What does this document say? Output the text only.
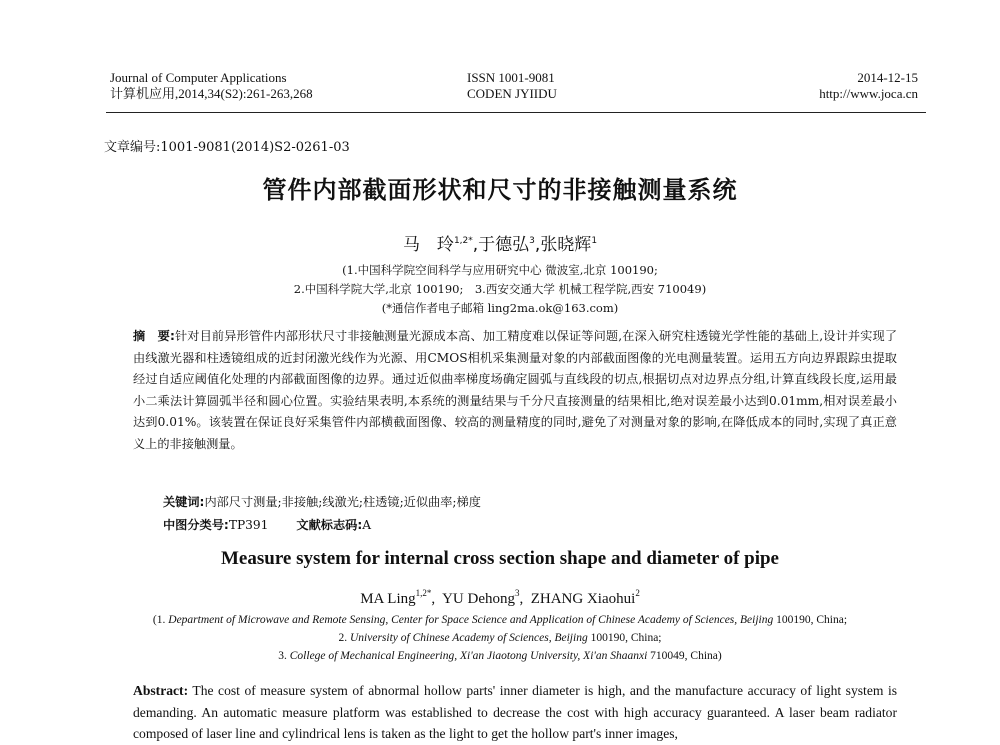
Journal of Computer Applications
计算机应用,2014,34(S2):261-263,268
ISSN 1001-9081
CODEN JYIIDU
2014-12-15
http://www.joca.cn
文章编号:1001-9081(2014)S2-0261-03
管件内部截面形状和尺寸的非接触测量系统
马　玲$^{1,2*}$,于德弘$^3$,张晓辉$^1$
(1.中国科学院空间科学与应用研究中心 微波室,北京 100190;
2.中国科学院大学,北京 100190;　3.西安交通大学 机械工程学院,西安 710049)
(*通信作者电子邮箱 ling2ma.ok@163.com)
摘　要:针对目前异形管件内部形状尺寸非接触测量光源成本高、加工精度难以保证等问题,在深入研究柱透镜光学性能的基础上,设计并实现了由线激光器和柱透镜组成的近封闭激光线作为光源、用CMOS相机采集测量对象的内部截面图像的光电测量装置。运用五方向边界跟踪虫提取经过自适应阈值化处理的内部截面图像的边界。通过近似曲率梯度场确定圆弧与直线段的切点,根据切点对边界点分组,计算直线段长度,运用最小二乘法计算圆弧半径和圆心位置。实验结果表明,本系统的测量结果与千分尺直接测量的结果相比,绝对误差最小达到0.01mm,相对误差最小达到0.01%。该装置在保证良好采集管件内部横截面图像、较高的测量精度的同时,避免了对测量对象的影响,在降低成本的同时,实现了真正意义上的非接触测量。
关键词:内部尺寸测量;非接触;线激光;柱透镜;近似曲率;梯度
中图分类号:TP391 文献标志码:A
Measure system for internal cross section shape and diameter of pipe
MA Ling$^{1,2*}$,  YU Dehong$^3$,  ZHANG Xiaohui$^2$
(1. Department of Microwave and Remote Sensing, Center for Space Science and Application of Chinese Academy of Sciences, Beijing 100190, China;
2. University of Chinese Academy of Sciences, Beijing 100190, China;
3. College of Mechanical Engineering, Xi'an Jiaotong University, Xi'an Shaanxi 710049, China)
Abstract: The cost of measure system of abnormal hollow parts' inner diameter is high, and the manufacture accuracy of light system is demanding. An automatic measure platform was established to decrease the cost with high accuracy guaranteed. A laser beam radiator composed of laser line and cylindrical lens is taken as the light to get the hollow part's inner images,
